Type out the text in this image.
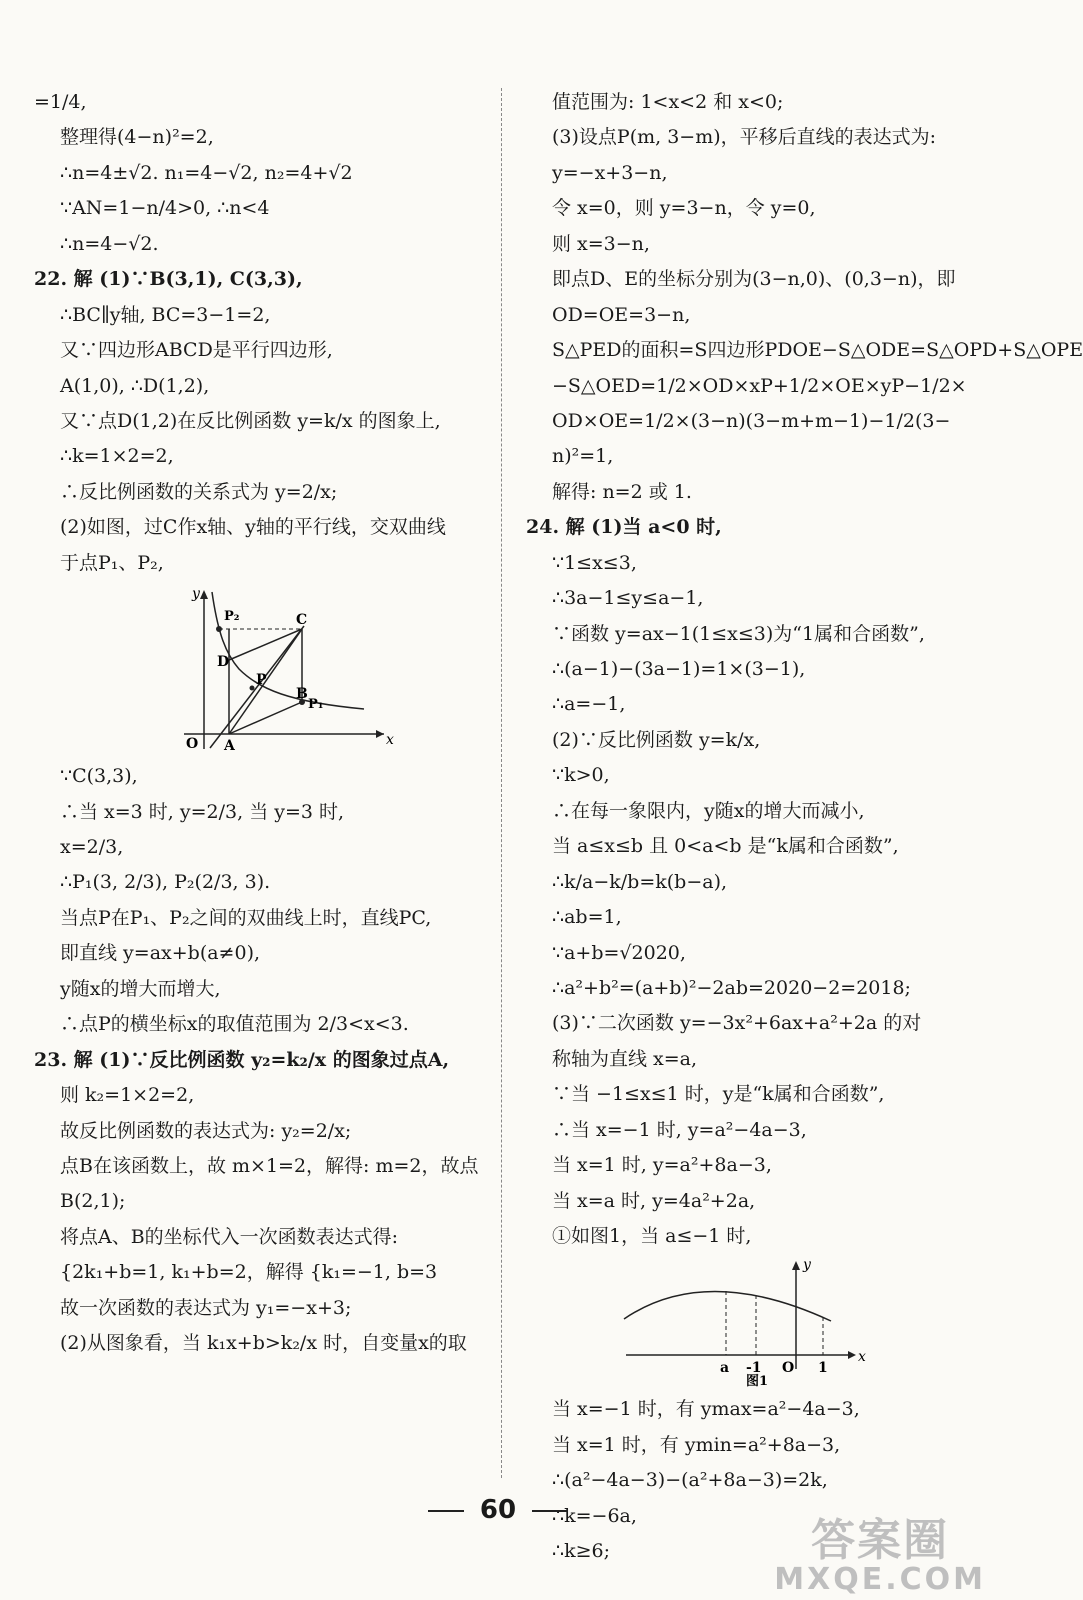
=1/4,
整理得(4−n)²=2,
∴n=4±√2. n₁=4−√2, n₂=4+√2
∵AN=1−n/4>0, ∴n<4
∴n=4−√2.
22. 解 (1)∵B(3,1), C(3,3),
∴BC∥y轴, BC=3−1=2,
又∵四边形ABCD是平行四边形,
A(1,0), ∴D(1,2),
又∵点D(1,2)在反比例函数 y=k/x 的图象上,
∴k=1×2=2,
∴反比例函数的关系式为 y=2/x;
(2)如图，过C作x轴、y轴的平行线，交双曲线
于点P₁、P₂,
y
x
O A
B
C
D
P
P₁
P₂
∵C(3,3),
∴当 x=3 时, y=2/3, 当 y=3 时,
x=2/3,
∴P₁(3, 2/3), P₂(2/3, 3).
当点P在P₁、P₂之间的双曲线上时，直线PC,
即直线 y=ax+b(a≠0),
y随x的增大而增大,
∴点P的横坐标x的取值范围为 2/3<x<3.
23. 解 (1)∵反比例函数 y₂=k₂/x 的图象过点A,
则 k₂=1×2=2,
故反比例函数的表达式为: y₂=2/x;
点B在该函数上，故 m×1=2，解得: m=2，故点
B(2,1);
将点A、B的坐标代入一次函数表达式得:
{2k₁+b=1, k₁+b=2，解得 {k₁=−1, b=3
故一次函数的表达式为 y₁=−x+3;
(2)从图象看，当 k₁x+b>k₂/x 时，自变量x的取
值范围为: 1<x<2 和 x<0;
(3)设点P(m, 3−m)，平移后直线的表达式为:
y=−x+3−n,
令 x=0，则 y=3−n，令 y=0,
则 x=3−n,
即点D、E的坐标分别为(3−n,0)、(0,3−n)，即
OD=OE=3−n,
S△PED的面积=S四边形PDOE−S△ODE=S△OPD+S△OPE
−S△OED=1/2×OD×xP+1/2×OE×yP−1/2×
OD×OE=1/2×(3−n)(3−m+m−1)−1/2(3−
n)²=1,
解得: n=2 或 1.
24. 解 (1)当 a<0 时,
∵1≤x≤3,
∴3a−1≤y≤a−1,
∵函数 y=ax−1(1≤x≤3)为“1属和合函数”,
∴(a−1)−(3a−1)=1×(3−1),
∴a=−1,
(2)∵反比例函数 y=k/x,
∵k>0,
∴在每一象限内，y随x的增大而减小,
当 a≤x≤b 且 0<a<b 是“k属和合函数”,
∴k/a−k/b=k(b−a),
∴ab=1,
∵a+b=√2020,
∴a²+b²=(a+b)²−2ab=2020−2=2018;
(3)∵二次函数 y=−3x²+6ax+a²+2a 的对
称轴为直线 x=a,
∵当 −1≤x≤1 时，y是“k属和合函数”,
∴当 x=−1 时, y=a²−4a−3,
当 x=1 时, y=a²+8a−3,
当 x=a 时, y=4a²+2a,
①如图1，当 a≤−1 时,
y
x
a -1 O 1
图1
当 x=−1 时，有 ymax=a²−4a−3,
当 x=1 时，有 ymin=a²+8a−3,
∴(a²−4a−3)−(a²+8a−3)=2k,
∴k=−6a,
∴k≥6;
60
答案圈
MXQE.COM
